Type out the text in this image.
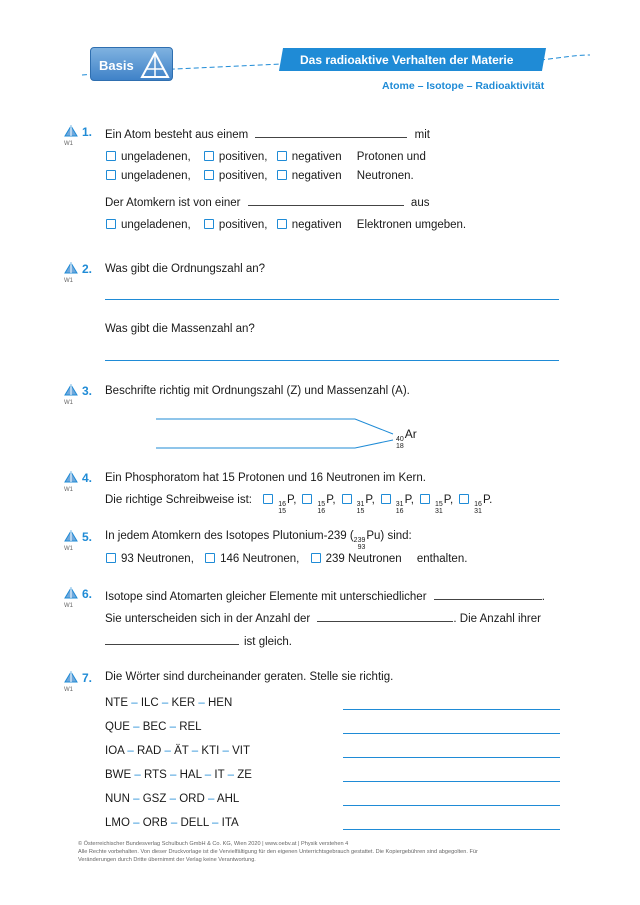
Basis	Das radioaktive Verhalten der Materie
Atome – Isotope – Radioaktivität
W1
1. Ein Atom besteht aus einem	mit
ungeladenen, positiven, negativen Protonen und
ungeladenen, positiven, negativen Neutronen.
Der Atomkern ist von einer	aus
ungeladenen, positiven, negativen Elektronen umgeben.
W1
2. Was gibt die Ordnungszahl an?
Was gibt die Massenzahl an?
W1
3. Beschrifte richtig mit Ordnungszahl (Z) und Massenzahl (A).
40
18
Ar
W1
4. Ein Phosphoratom hat 15 Protonen und 16 Neutronen im Kern.
Die richtige Schreibweise ist:	16
15
P,	15
16
P,	31
15
P,	31
16
P,	15
31
P,	16
31
P.
W1
5. In jedem Atomkern des Isotopes Plutonium-239 ( 239
93
Pu) sind:
93 Neutronen, 146 Neutronen, 239 Neutronen enthalten.
W1
6. Isotope sind Atomarten gleicher Elemente mit unterschiedlicher	.
Sie unterscheiden sich in der Anzahl der	. Die Anzahl ihrer
ist gleich.
W1
7. Die Wörter sind durcheinander geraten. Stelle sie richtig.
NTE – ILC – KER – HEN
QUE – BEC – REL
IOA – RAD – ÄT – KTI – VIT
BWE – RTS – HAL – IT – ZE
NUN – GSZ – ORD – AHL
LMO – ORB – DELL – ITA
© Österreichischer Bundesverlag Schulbuch GmbH & Co. KG, Wien 2020 | www.oebv.at | Physik verstehen 4
Alle Rechte vorbehalten. Von dieser Druckvorlage ist die Vervielfältigung für den eigenen Unterrichtsgebrauch gestattet. Die Kopiergebühren sind abgegolten. Für
Veränderungen durch Dritte übernimmt der Verlag keine Verantwortung.
